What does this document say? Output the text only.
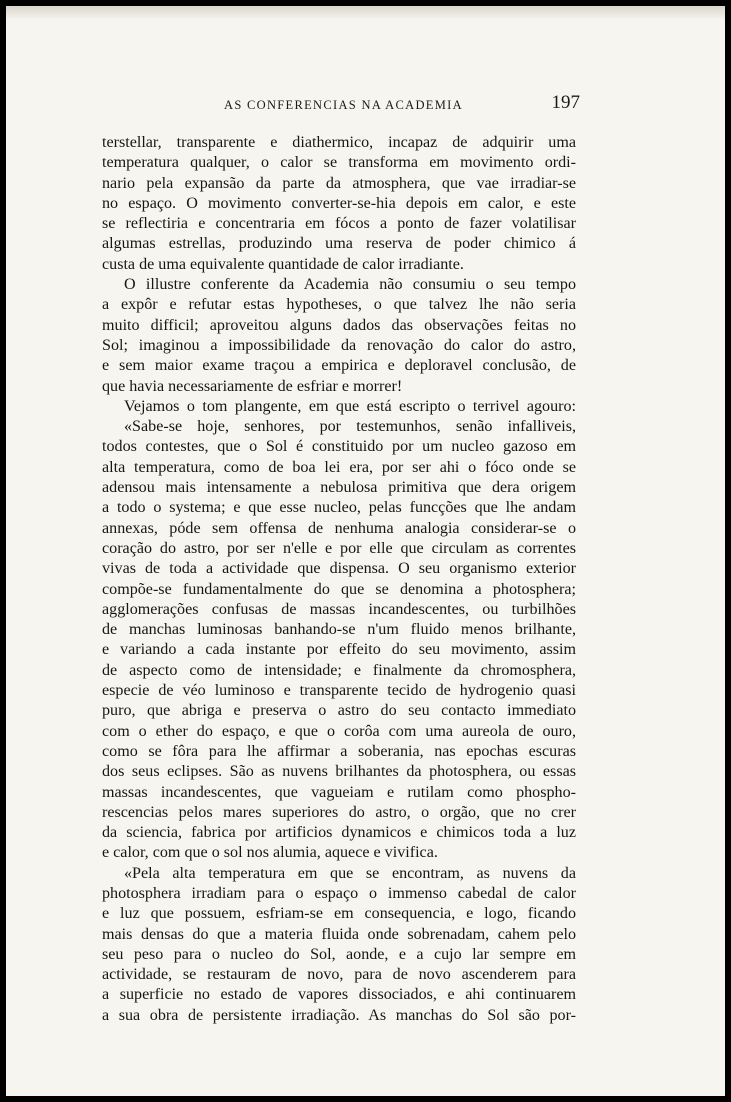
AS CONFERENCIAS NA ACADEMIA	197
terstellar, transparente e diathermico, incapaz de adquirir uma
temperatura qualquer, o calor se transforma em movimento ordi-
nario pela expansão da parte da atmosphera, que vae irradiar-se
no espaço. O movimento converter-se-hia depois em calor, e este
se reflectiria e concentraria em fócos a ponto de fazer volatilisar
algumas estrellas, produzindo uma reserva de poder chimico á
custa de uma equivalente quantidade de calor irradiante.
O illustre conferente da Academia não consumiu o seu tempo
a expôr e refutar estas hypotheses, o que talvez lhe não seria
muito difficil; aproveitou alguns dados das observações feitas no
Sol; imaginou a impossibilidade da renovação do calor do astro,
e sem maior exame traçou a empirica e deploravel conclusão, de
que havia necessariamente de esfriar e morrer!
Vejamos o tom plangente, em que está escripto o terrivel agouro:
«Sabe-se hoje, senhores, por testemunhos, senão infalliveis,
todos contestes, que o Sol é constituido por um nucleo gazoso em
alta temperatura, como de boa lei era, por ser ahi o fóco onde se
adensou mais intensamente a nebulosa primitiva que dera origem
a todo o systema; e que esse nucleo, pelas funcções que lhe andam
annexas, póde sem offensa de nenhuma analogia considerar-se o
coração do astro, por ser n'elle e por elle que circulam as correntes
vivas de toda a actividade que dispensa. O seu organismo exterior
compõe-se fundamentalmente do que se denomina a photosphera;
agglomerações confusas de massas incandescentes, ou turbilhões
de manchas luminosas banhando-se n'um fluido menos brilhante,
e variando a cada instante por effeito do seu movimento, assim
de aspecto como de intensidade; e finalmente da chromosphera,
especie de véo luminoso e transparente tecido de hydrogenio quasi
puro, que abriga e preserva o astro do seu contacto immediato
com o ether do espaço, e que o corôa com uma aureola de ouro,
como se fôra para lhe affirmar a soberania, nas epochas escuras
dos seus eclipses. São as nuvens brilhantes da photosphera, ou essas
massas incandescentes, que vagueiam e rutilam como phospho-
rescencias pelos mares superiores do astro, o orgão, que no crer
da sciencia, fabrica por artificios dynamicos e chimicos toda a luz
e calor, com que o sol nos alumia, aquece e vivifica.
«Pela alta temperatura em que se encontram, as nuvens da
photosphera irradiam para o espaço o immenso cabedal de calor
e luz que possuem, esfriam-se em consequencia, e logo, ficando
mais densas do que a materia fluida onde sobrenadam, cahem pelo
seu peso para o nucleo do Sol, aonde, e a cujo lar sempre em
actividade, se restauram de novo, para de novo ascenderem para
a superficie no estado de vapores dissociados, e ahi continuarem
a sua obra de persistente irradiação. As manchas do Sol são por-
